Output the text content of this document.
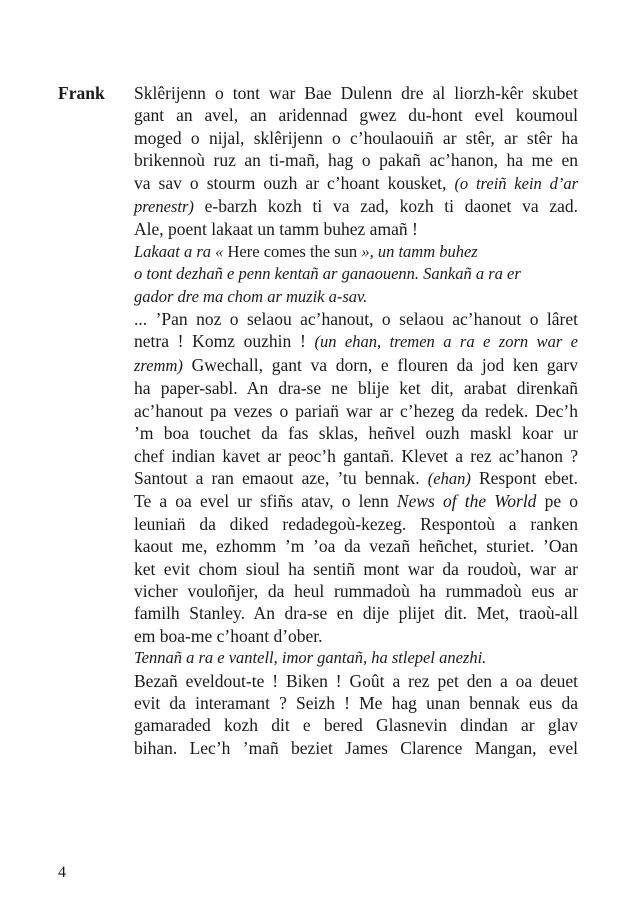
Frank Sklêrijenn o tont war Bae Dulenn dre al liorzh-kêr skubet
gant an avel, an aridennad gwez du-hont evel koumoul
moged o nijal, sklêrijenn o c’houlaouiñ ar stêr, ar stêr ha
brikennoù ruz an ti-mañ, hag o pakañ ac’hanon, ha me en
va sav o stourm ouzh ar c’hoant kousket, (o treiñ kein d’ar
prenestr) e-barzh kozh ti va zad, kozh ti daonet va zad.
Ale, poent lakaat un tamm buhez amañ !

Lakaat a ra « Here comes the sun », un tamm buhez
o tont dezhañ e penn kentañ ar ganaouenn. Sankañ a ra er
gador dre ma chom ar muzik a-sav.

... ’Pan noz o selaou ac’hanout, o selaou ac’hanout o lâret
netra ! Komz ouzhin ! (un ehan, tremen a ra e zorn war e
zremm) Gwechall, gant va dorn, e flouren da jod ken garv
ha paper-sabl. An dra-se ne blije ket dit, arabat direnkañ
ac’hanout pa vezes o parian̈ war ar c’hezeg da redek. Dec’h
’m boa touchet da fas sklas, heñvel ouzh maskl koar ur
chef indian kavet ar peoc’h gantañ. Klevet a rez ac’hanon ?
Santout a ran emaout aze, ’tu bennak. (ehan) Respont ebet.
Te a oa evel ur sfiñs atav, o lenn News of the World pe o
leunian̈ da diked redadegoù-kezeg. Respontoù a ranken
kaout me, ezhomm ’m ’oa da vezañ heñchet, sturiet. ’Oan
ket evit chom sioul ha sentiñ mont war da roudoù, war ar
vicher vouloñjer, da heul rummadoù ha rummadoù eus ar
familh Stanley. An dra-se en dije plijet dit. Met, traoù-all
em boa-me c’hoant d’ober.

Tennañ a ra e vantell, imor gantañ, ha stlepel anezhi.

Bezañ eveldout-te ! Biken ! Goût a rez pet den a oa deuet
evit da interamant ? Seizh ! Me hag unan bennak eus da
gamaraded kozh dit e bered Glasnevin dindan ar glav
bihan. Lec’h ’mañ beziet James Clarence Mangan, evel

4
